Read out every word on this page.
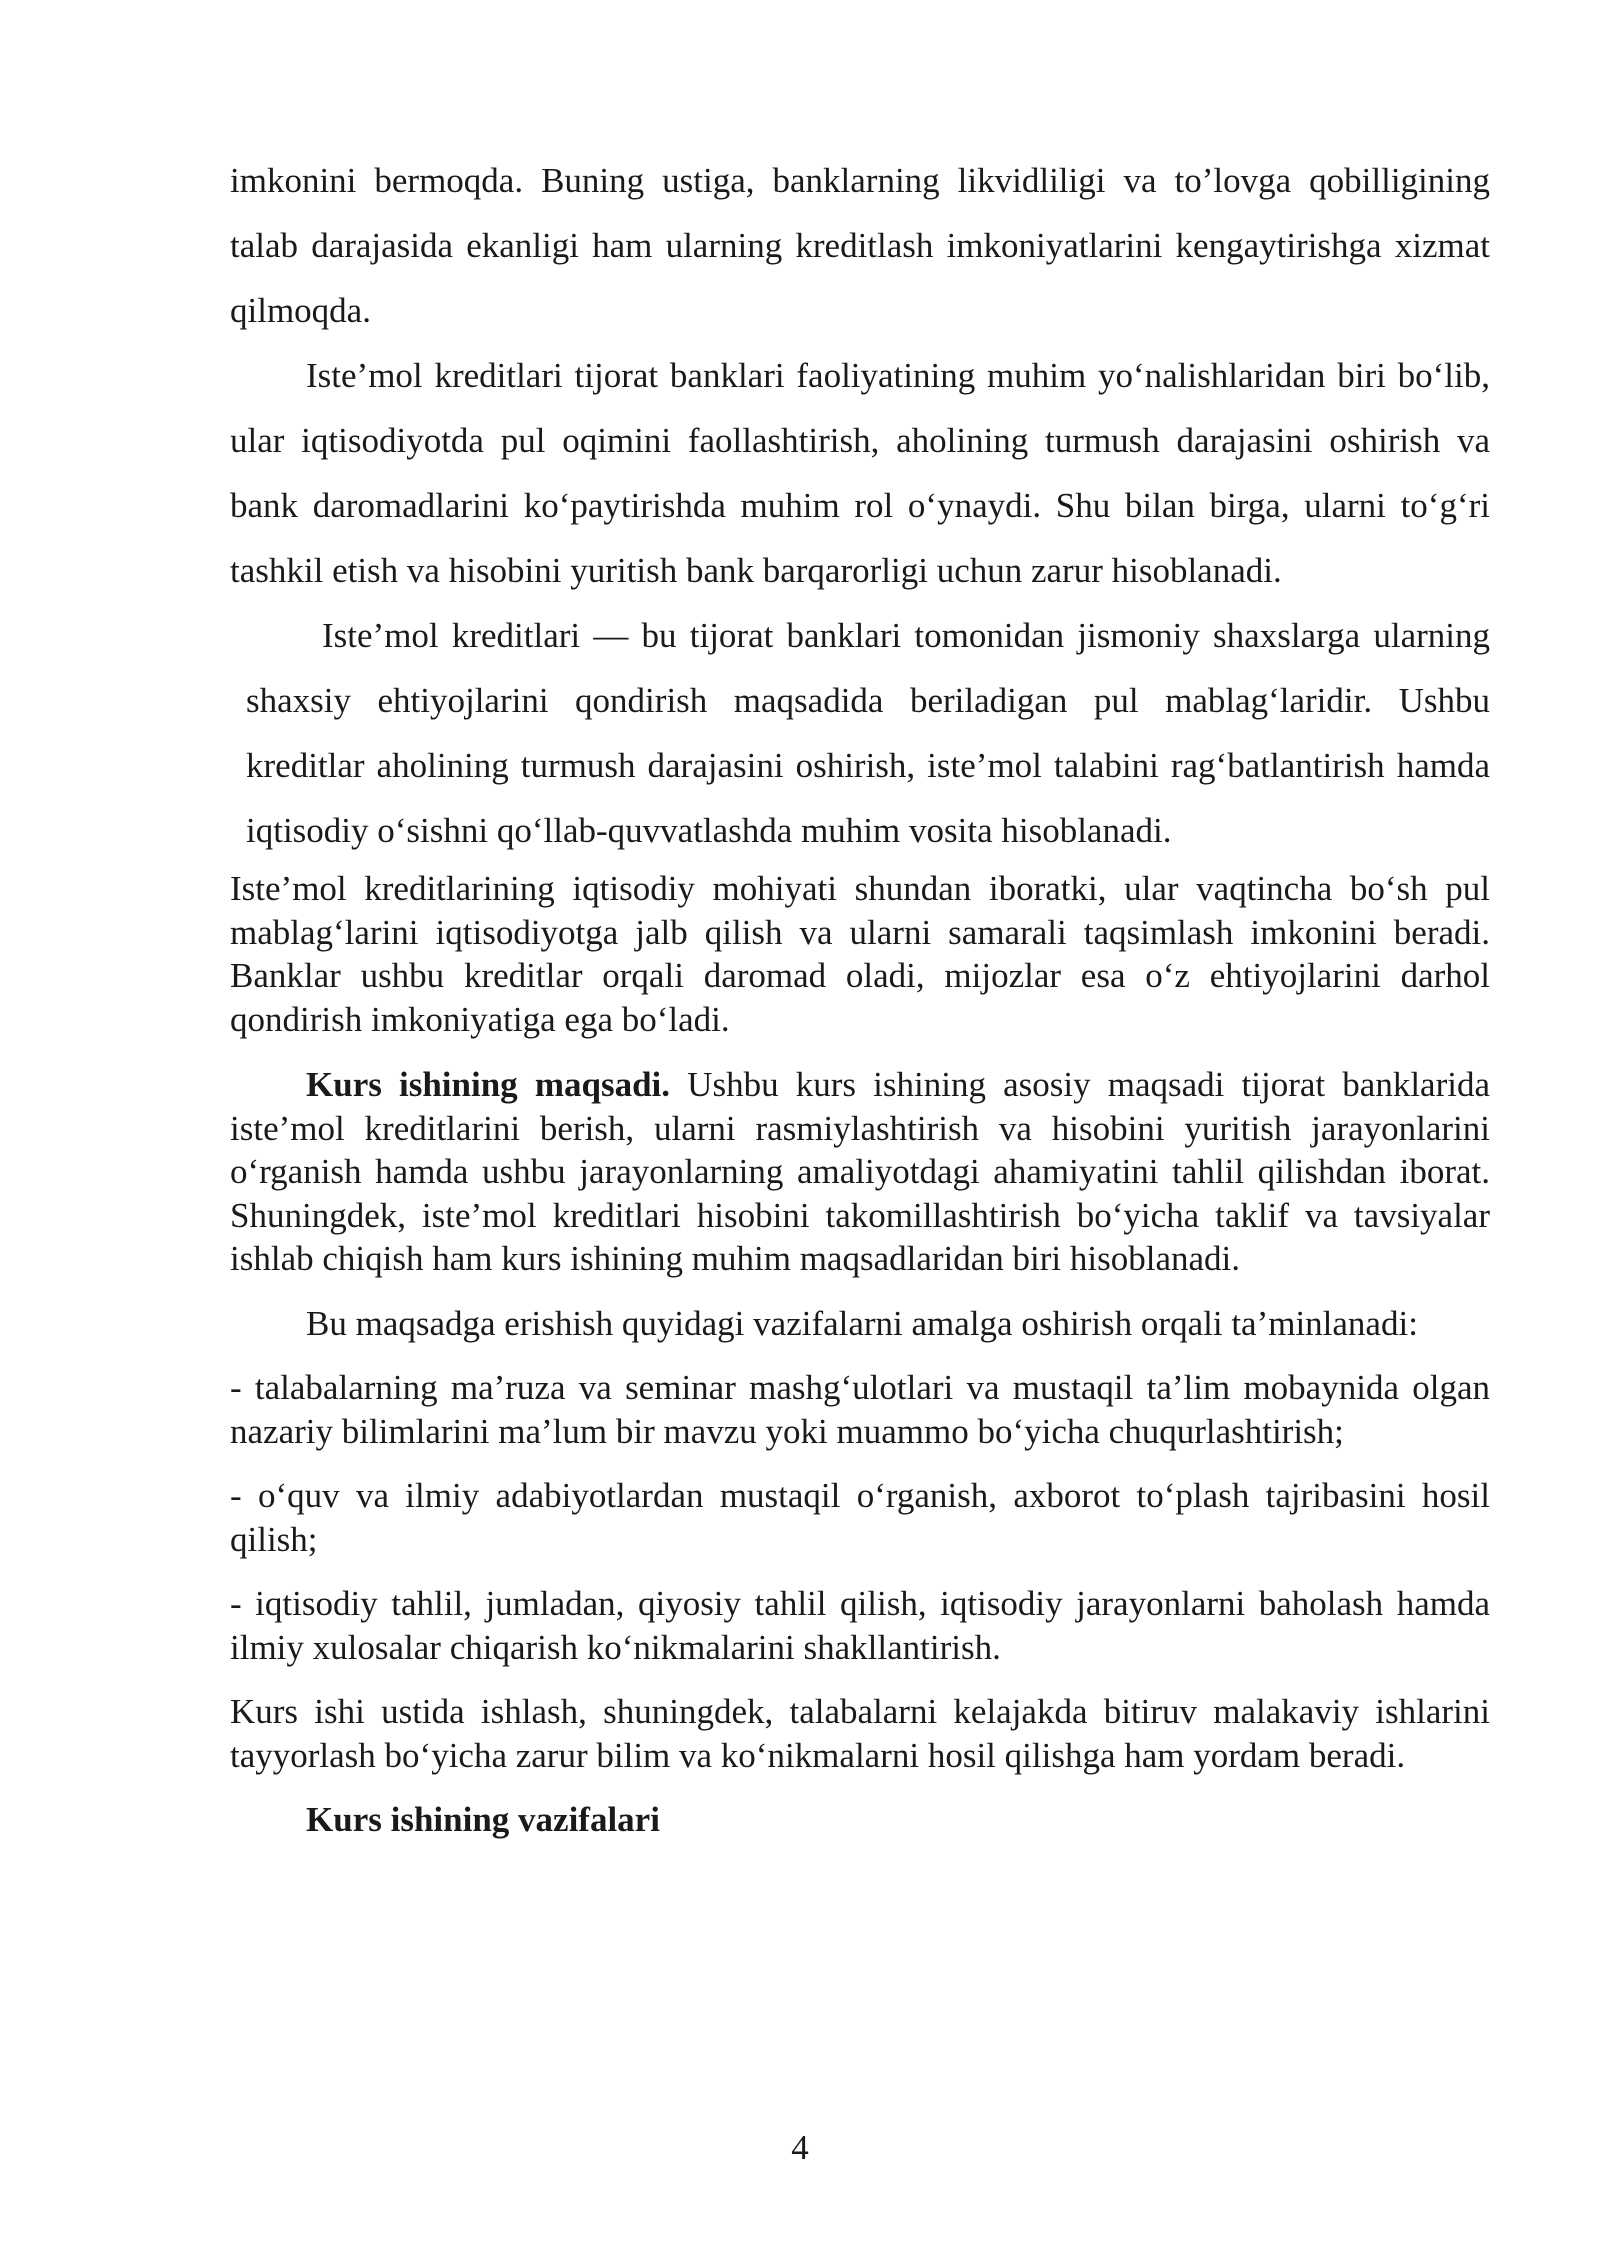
imkonini bermoqda. Buning ustiga, banklarning likvidliligi va to’lovga qobilligining talab darajasida ekanligi ham ularning kreditlash imkoniyatlarini kengaytirishga xizmat qilmoqda.

Iste’mol kreditlari tijorat banklari faoliyatining muhim yo‘nalishlaridan biri bo‘lib, ular iqtisodiyotda pul oqimini faollashtirish, aholining turmush darajasini oshirish va bank daromadlarini ko‘paytirishda muhim rol o‘ynaydi. Shu bilan birga, ularni to‘g‘ri tashkil etish va hisobini yuritish bank barqarorligi uchun zarur hisoblanadi.

Iste’mol kreditlari — bu tijorat banklari tomonidan jismoniy shaxslarga ularning shaxsiy ehtiyojlarini qondirish maqsadida beriladigan pul mablag‘laridir. Ushbu kreditlar aholining turmush darajasini oshirish, iste’mol talabini rag‘batlantirish hamda iqtisodiy o‘sishni qo‘llab-quvvatlashda muhim vosita hisoblanadi.

Iste’mol kreditlarining iqtisodiy mohiyati shundan iboratki, ular vaqtincha bo‘sh pul mablag‘larini iqtisodiyotga jalb qilish va ularni samarali taqsimlash imkonini beradi. Banklar ushbu kreditlar orqali daromad oladi, mijozlar esa o‘z ehtiyojlarini darhol qondirish imkoniyatiga ega bo‘ladi.

Kurs ishining maqsadi. Ushbu kurs ishining asosiy maqsadi tijorat banklarida iste’mol kreditlarini berish, ularni rasmiylashtirish va hisobini yuritish jarayonlarini o‘rganish hamda ushbu jarayonlarning amaliyotdagi ahamiyatini tahlil qilishdan iborat. Shuningdek, iste’mol kreditlari hisobini takomillashtirish bo‘yicha taklif va tavsiyalar ishlab chiqish ham kurs ishining muhim maqsadlaridan biri hisoblanadi.

Bu maqsadga erishish quyidagi vazifalarni amalga oshirish orqali ta’minlanadi:

- talabalarning ma’ruza va seminar mashg‘ulotlari va mustaqil ta’lim mobaynida olgan nazariy bilimlarini ma’lum bir mavzu yoki muammo bo‘yicha chuqurlashtirish;

- o‘quv va ilmiy adabiyotlardan mustaqil o‘rganish, axborot to‘plash tajribasini hosil qilish;

- iqtisodiy tahlil, jumladan, qiyosiy tahlil qilish, iqtisodiy jarayonlarni baholash hamda ilmiy xulosalar chiqarish ko‘nikmalarini shakllantirish.

Kurs ishi ustida ishlash, shuningdek, talabalarni kelajakda bitiruv malakaviy ishlarini tayyorlash bo‘yicha zarur bilim va ko‘nikmalarni hosil qilishga ham yordam beradi.

Kurs ishining vazifalari

4
